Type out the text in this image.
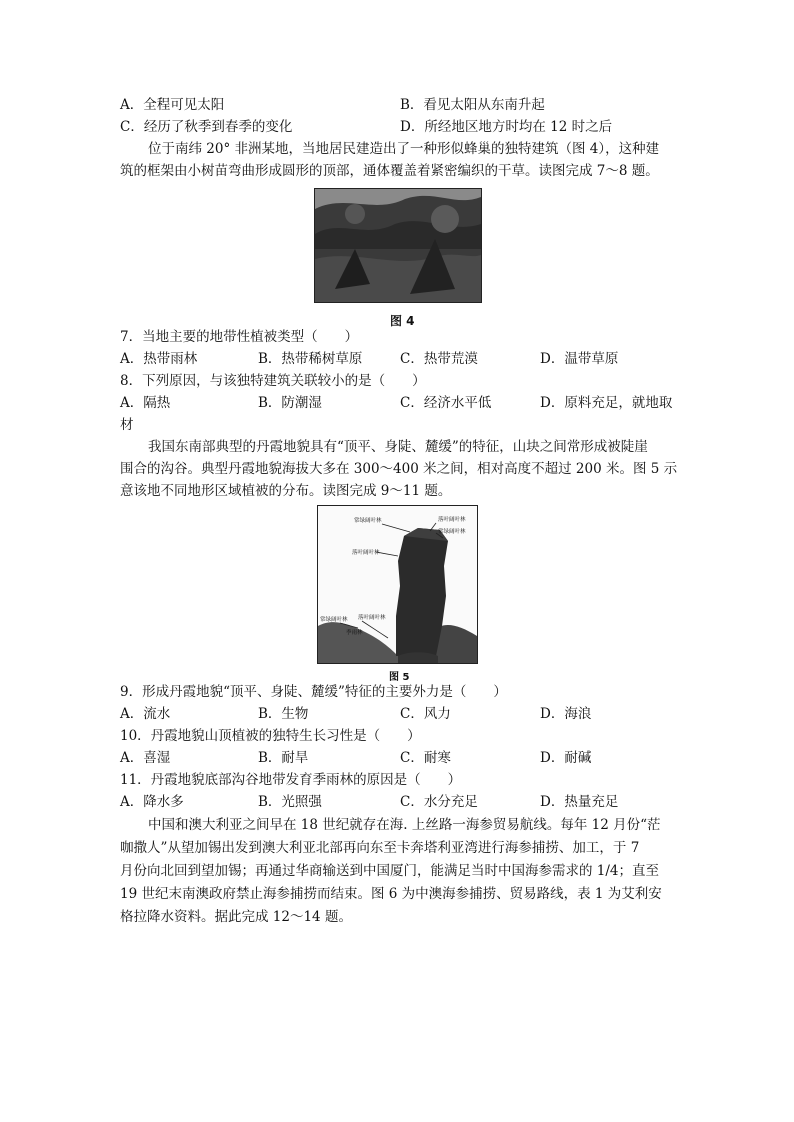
A．全程可见太阳	B．看见太阳从东南升起
C．经历了秋季到春季的变化	D．所经地区地方时均在 12 时之后
位于南纬 20° 非洲某地，当地居民建造出了一种形似蜂巢的独特建筑（图 4），这种建
筑的框架由小树苗弯曲形成圆形的顶部，通体覆盖着紧密编织的干草。读图完成 7～8 题。
图 4
7．当地主要的地带性植被类型（　　）
A．热带雨林	B．热带稀树草原	C．热带荒漠	D．温带草原
8．下列原因，与该独特建筑关联较小的是（　　）
A．隔热	B．防潮湿	C．经济水平低	D．原料充足，就地取
材
我国东南部典型的丹霞地貌具有“顶平、身陡、麓缓”的特征，山块之间常形成被陡崖
围合的沟谷。典型丹霞地貌海拔大多在 300～400 米之间，相对高度不超过 200 米。图 5 示
意该地不同地形区域植被的分布。读图完成 9～11 题。
常绿阔叶林	落叶阔叶林
常绿阔叶林
落叶阔叶林
常绿阔叶林 落叶阔叶林
季雨林
图 5
9．形成丹霞地貌“顶平、身陡、麓缓”特征的主要外力是（　　）
A．流水	B．生物	C．风力	D．海浪
10．丹霞地貌山顶植被的独特生长习性是（　　）
A．喜湿	B．耐旱	C．耐寒	D．耐碱
11．丹霞地貌底部沟谷地带发育季雨林的原因是（　　）
A．降水多	B．光照强	C．水分充足	D．热量充足
中国和澳大利亚之间早在 18 世纪就存在海. 上丝路一海参贸易航线。每年 12 月份“茫
咖撒人”从望加锡出发到澳大利亚北部再向东至卡奔塔利亚湾进行海参捕捞、加工，于 7
月份向北回到望加锡；再通过华商输送到中国厦门，能满足当时中国海参需求的 1/4；直至
19 世纪末南澳政府禁止海参捕捞而结束。图 6 为中澳海参捕捞、贸易路线，表 1 为艾利安
格拉降水资料。据此完成 12～14 题。
